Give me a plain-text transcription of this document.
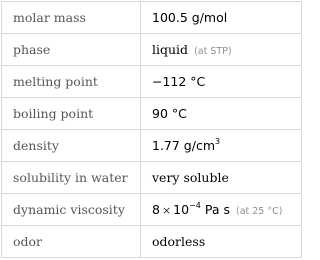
molar mass	100.5 g/mol
phase	liquid (at STP)
melting point	−112 °C
boiling point	90 °C
density	1.77 $g/cm^3$
solubility in water	very soluble
dynamic viscosity	$8 \times 10^{-4}$ Pa s (at 25 °C)
odor	odorless
